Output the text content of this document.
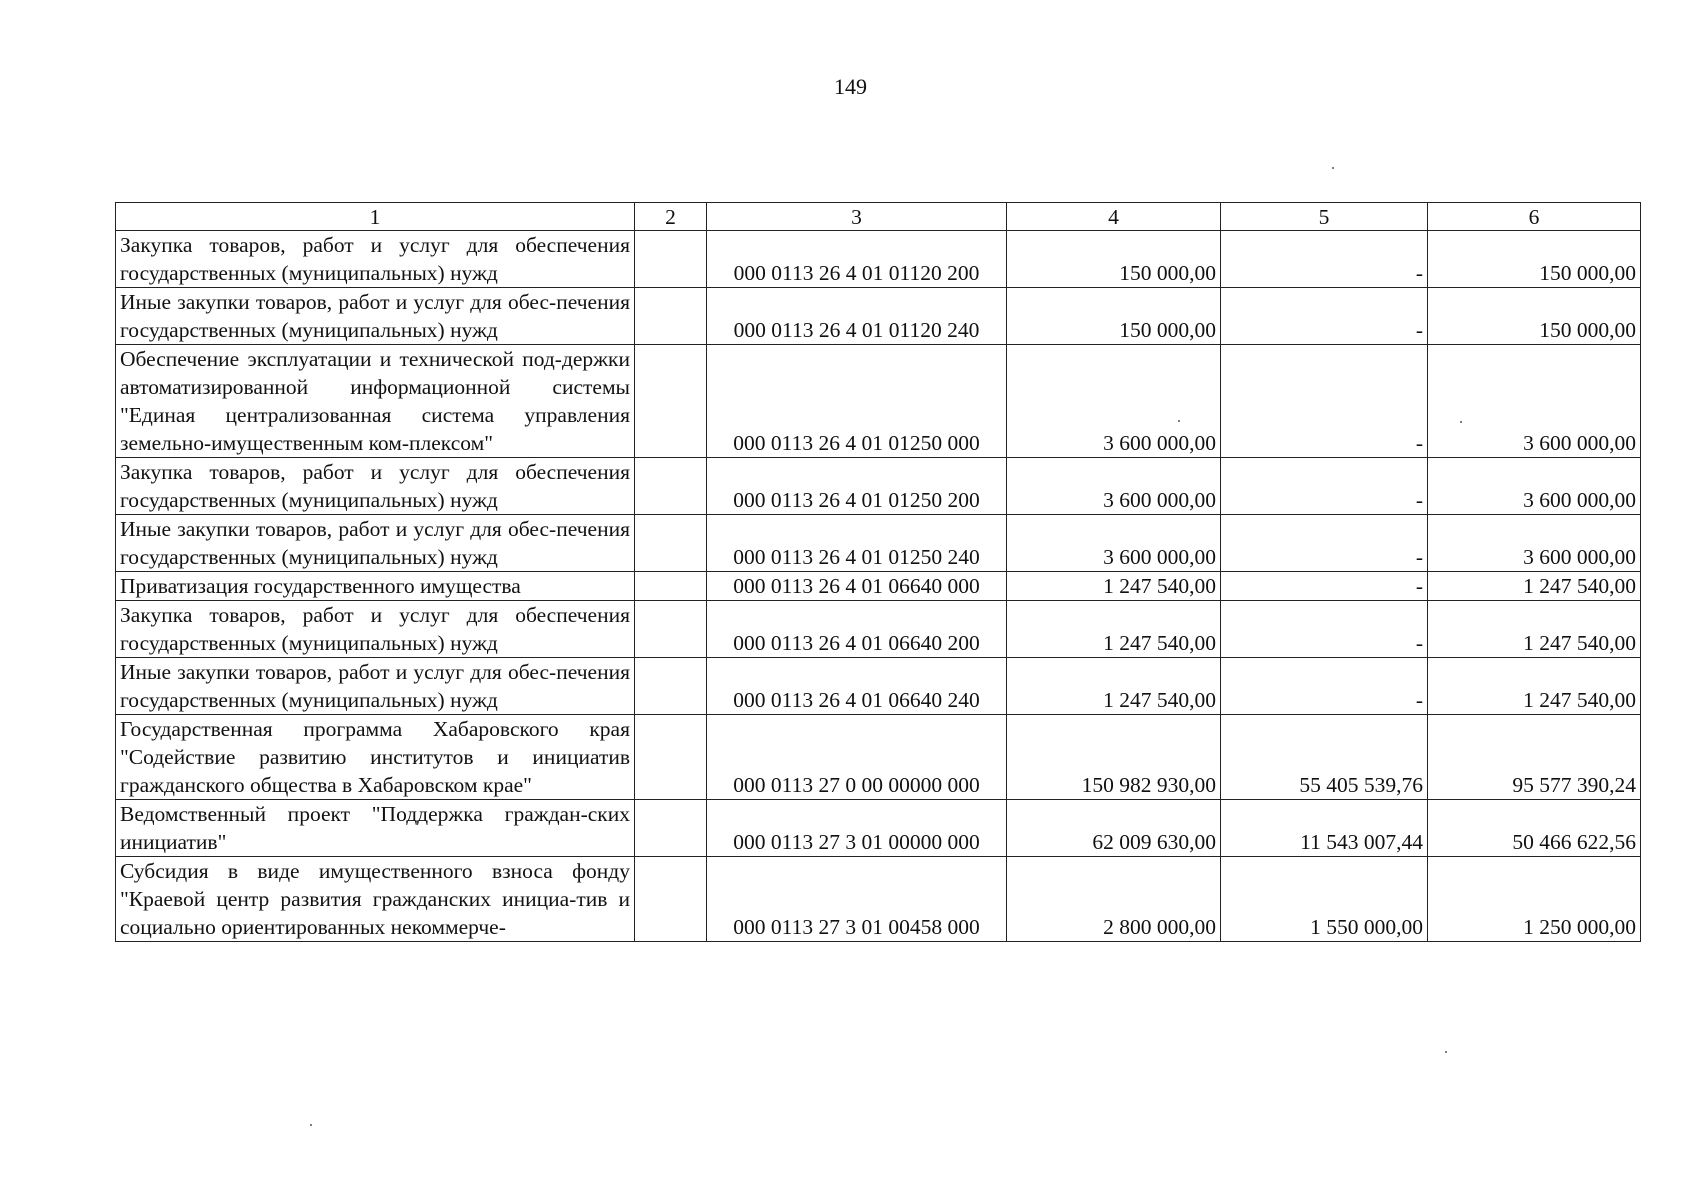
149
1	2	3	4	5	6
Закупка товаров, работ и услуг для обеспечения государственных (муниципальных) нужд		000 0113 26 4 01 01120 200	150 000,00	-	150 000,00
Иные закупки товаров, работ и услуг для обес-печения государственных (муниципальных) нужд		000 0113 26 4 01 01120 240	150 000,00	-	150 000,00
Обеспечение эксплуатации и технической под-держки автоматизированной информационной системы "Единая централизованная система управления земельно-имущественным ком-плексом"		000 0113 26 4 01 01250 000	3 600 000,00	-	3 600 000,00
Закупка товаров, работ и услуг для обеспечения государственных (муниципальных) нужд		000 0113 26 4 01 01250 200	3 600 000,00	-	3 600 000,00
Иные закупки товаров, работ и услуг для обес-печения государственных (муниципальных) нужд		000 0113 26 4 01 01250 240	3 600 000,00	-	3 600 000,00
Приватизация государственного имущества		000 0113 26 4 01 06640 000	1 247 540,00	-	1 247 540,00
Закупка товаров, работ и услуг для обеспечения государственных (муниципальных) нужд		000 0113 26 4 01 06640 200	1 247 540,00	-	1 247 540,00
Иные закупки товаров, работ и услуг для обес-печения государственных (муниципальных) нужд		000 0113 26 4 01 06640 240	1 247 540,00	-	1 247 540,00
Государственная программа Хабаровского края "Содействие развитию институтов и инициатив гражданского общества в Хабаровском крае"		000 0113 27 0 00 00000 000	150 982 930,00	55 405 539,76	95 577 390,24
Ведомственный проект "Поддержка граждан-ских инициатив"		000 0113 27 3 01 00000 000	62 009 630,00	11 543 007,44	50 466 622,56
Субсидия в виде имущественного взноса фонду "Краевой центр развития гражданских инициа-тив и социально ориентированных некоммерче-		000 0113 27 3 01 00458 000	2 800 000,00	1 550 000,00	1 250 000,00
